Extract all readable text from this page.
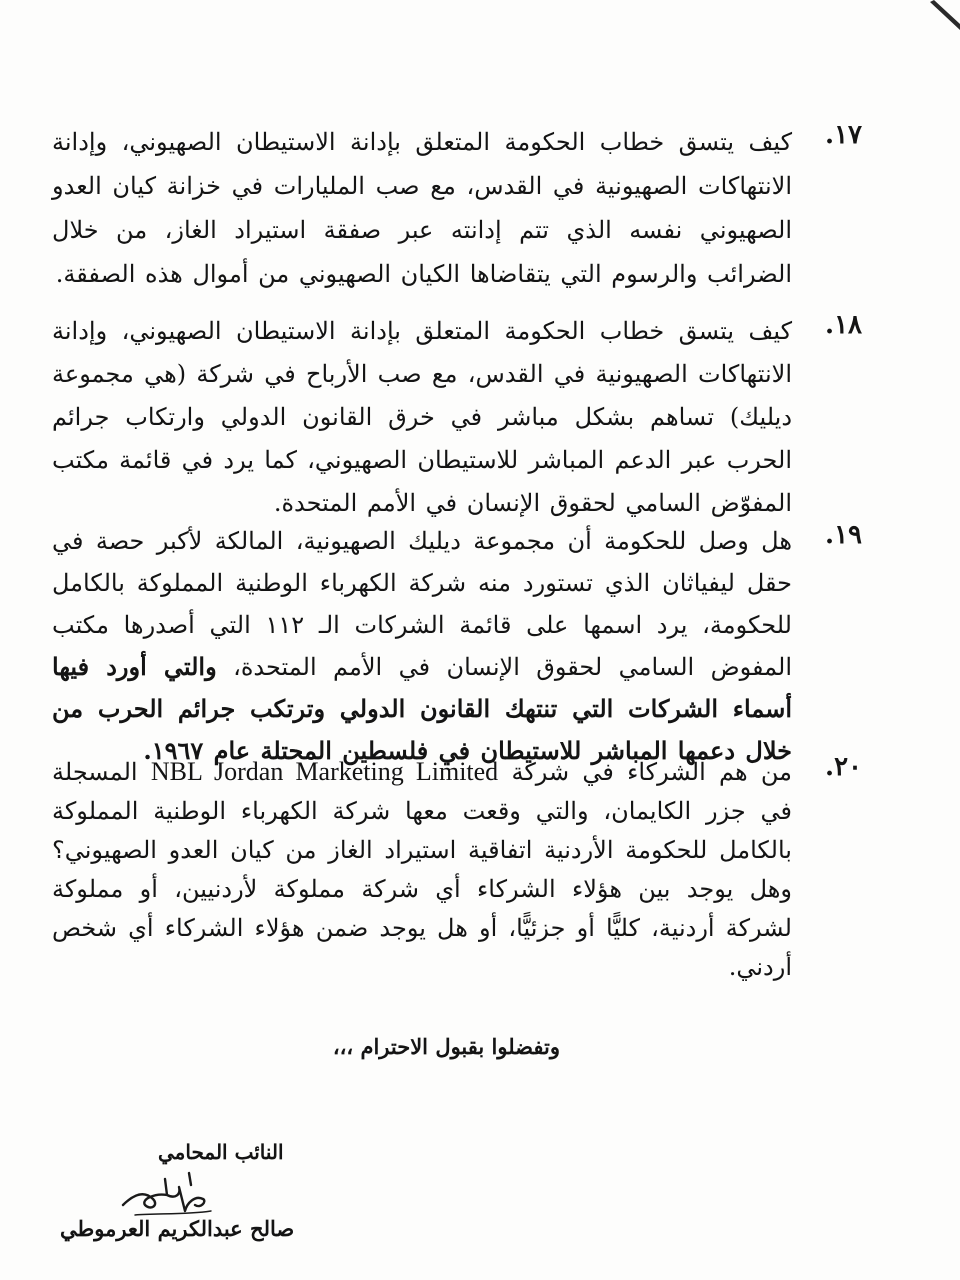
.١٧
كيف يتسق خطاب الحكومة المتعلق بإدانة الاستيطان الصهيوني، وإدانة الانتهاكات الصهيونية في القدس، مع صب المليارات في خزانة كيان العدو الصهيوني نفسه الذي تتم إدانته عبر صفقة استيراد الغاز، من خلال الضرائب والرسوم التي يتقاضاها الكيان الصهيوني من أموال هذه الصفقة.
.١٨
كيف يتسق خطاب الحكومة المتعلق بإدانة الاستيطان الصهيوني، وإدانة الانتهاكات الصهيونية في القدس، مع صب الأرباح في شركة (هي مجموعة ديليك) تساهم بشكل مباشر في خرق القانون الدولي وارتكاب جرائم الحرب عبر الدعم المباشر للاستيطان الصهيوني، كما يرد في قائمة مكتب المفوّض السامي لحقوق الإنسان في الأمم المتحدة.
.١٩
هل وصل للحكومة أن مجموعة ديليك الصهيونية، المالكة لأكبر حصة في حقل ليفياثان الذي تستورد منه شركة الكهرباء الوطنية المملوكة بالكامل للحكومة، يرد اسمها على قائمة الشركات الـ ١١٢ التي أصدرها مكتب المفوض السامي لحقوق الإنسان في الأمم المتحدة، والتي أورد فيها أسماء الشركات التي تنتهك القانون الدولي وترتكب جرائم الحرب من خلال دعمها المباشر للاستيطان في فلسطين المحتلة عام ١٩٦٧.
.٢٠
من هم الشركاء في شركة NBL Jordan Marketing Limited المسجلة في جزر الكايمان، والتي وقعت معها شركة الكهرباء الوطنية المملوكة بالكامل للحكومة الأردنية اتفاقية استيراد الغاز من كيان العدو الصهيوني؟ وهل يوجد بين هؤلاء الشركاء أي شركة مملوكة لأردنيين، أو مملوكة لشركة أردنية، كليًّا أو جزئيًّا، أو هل يوجد ضمن هؤلاء الشركاء أي شخص أردني.
وتفضلوا بقبول الاحترام ،،،
النائب المحامي
صالح عبدالكريم العرموطي
